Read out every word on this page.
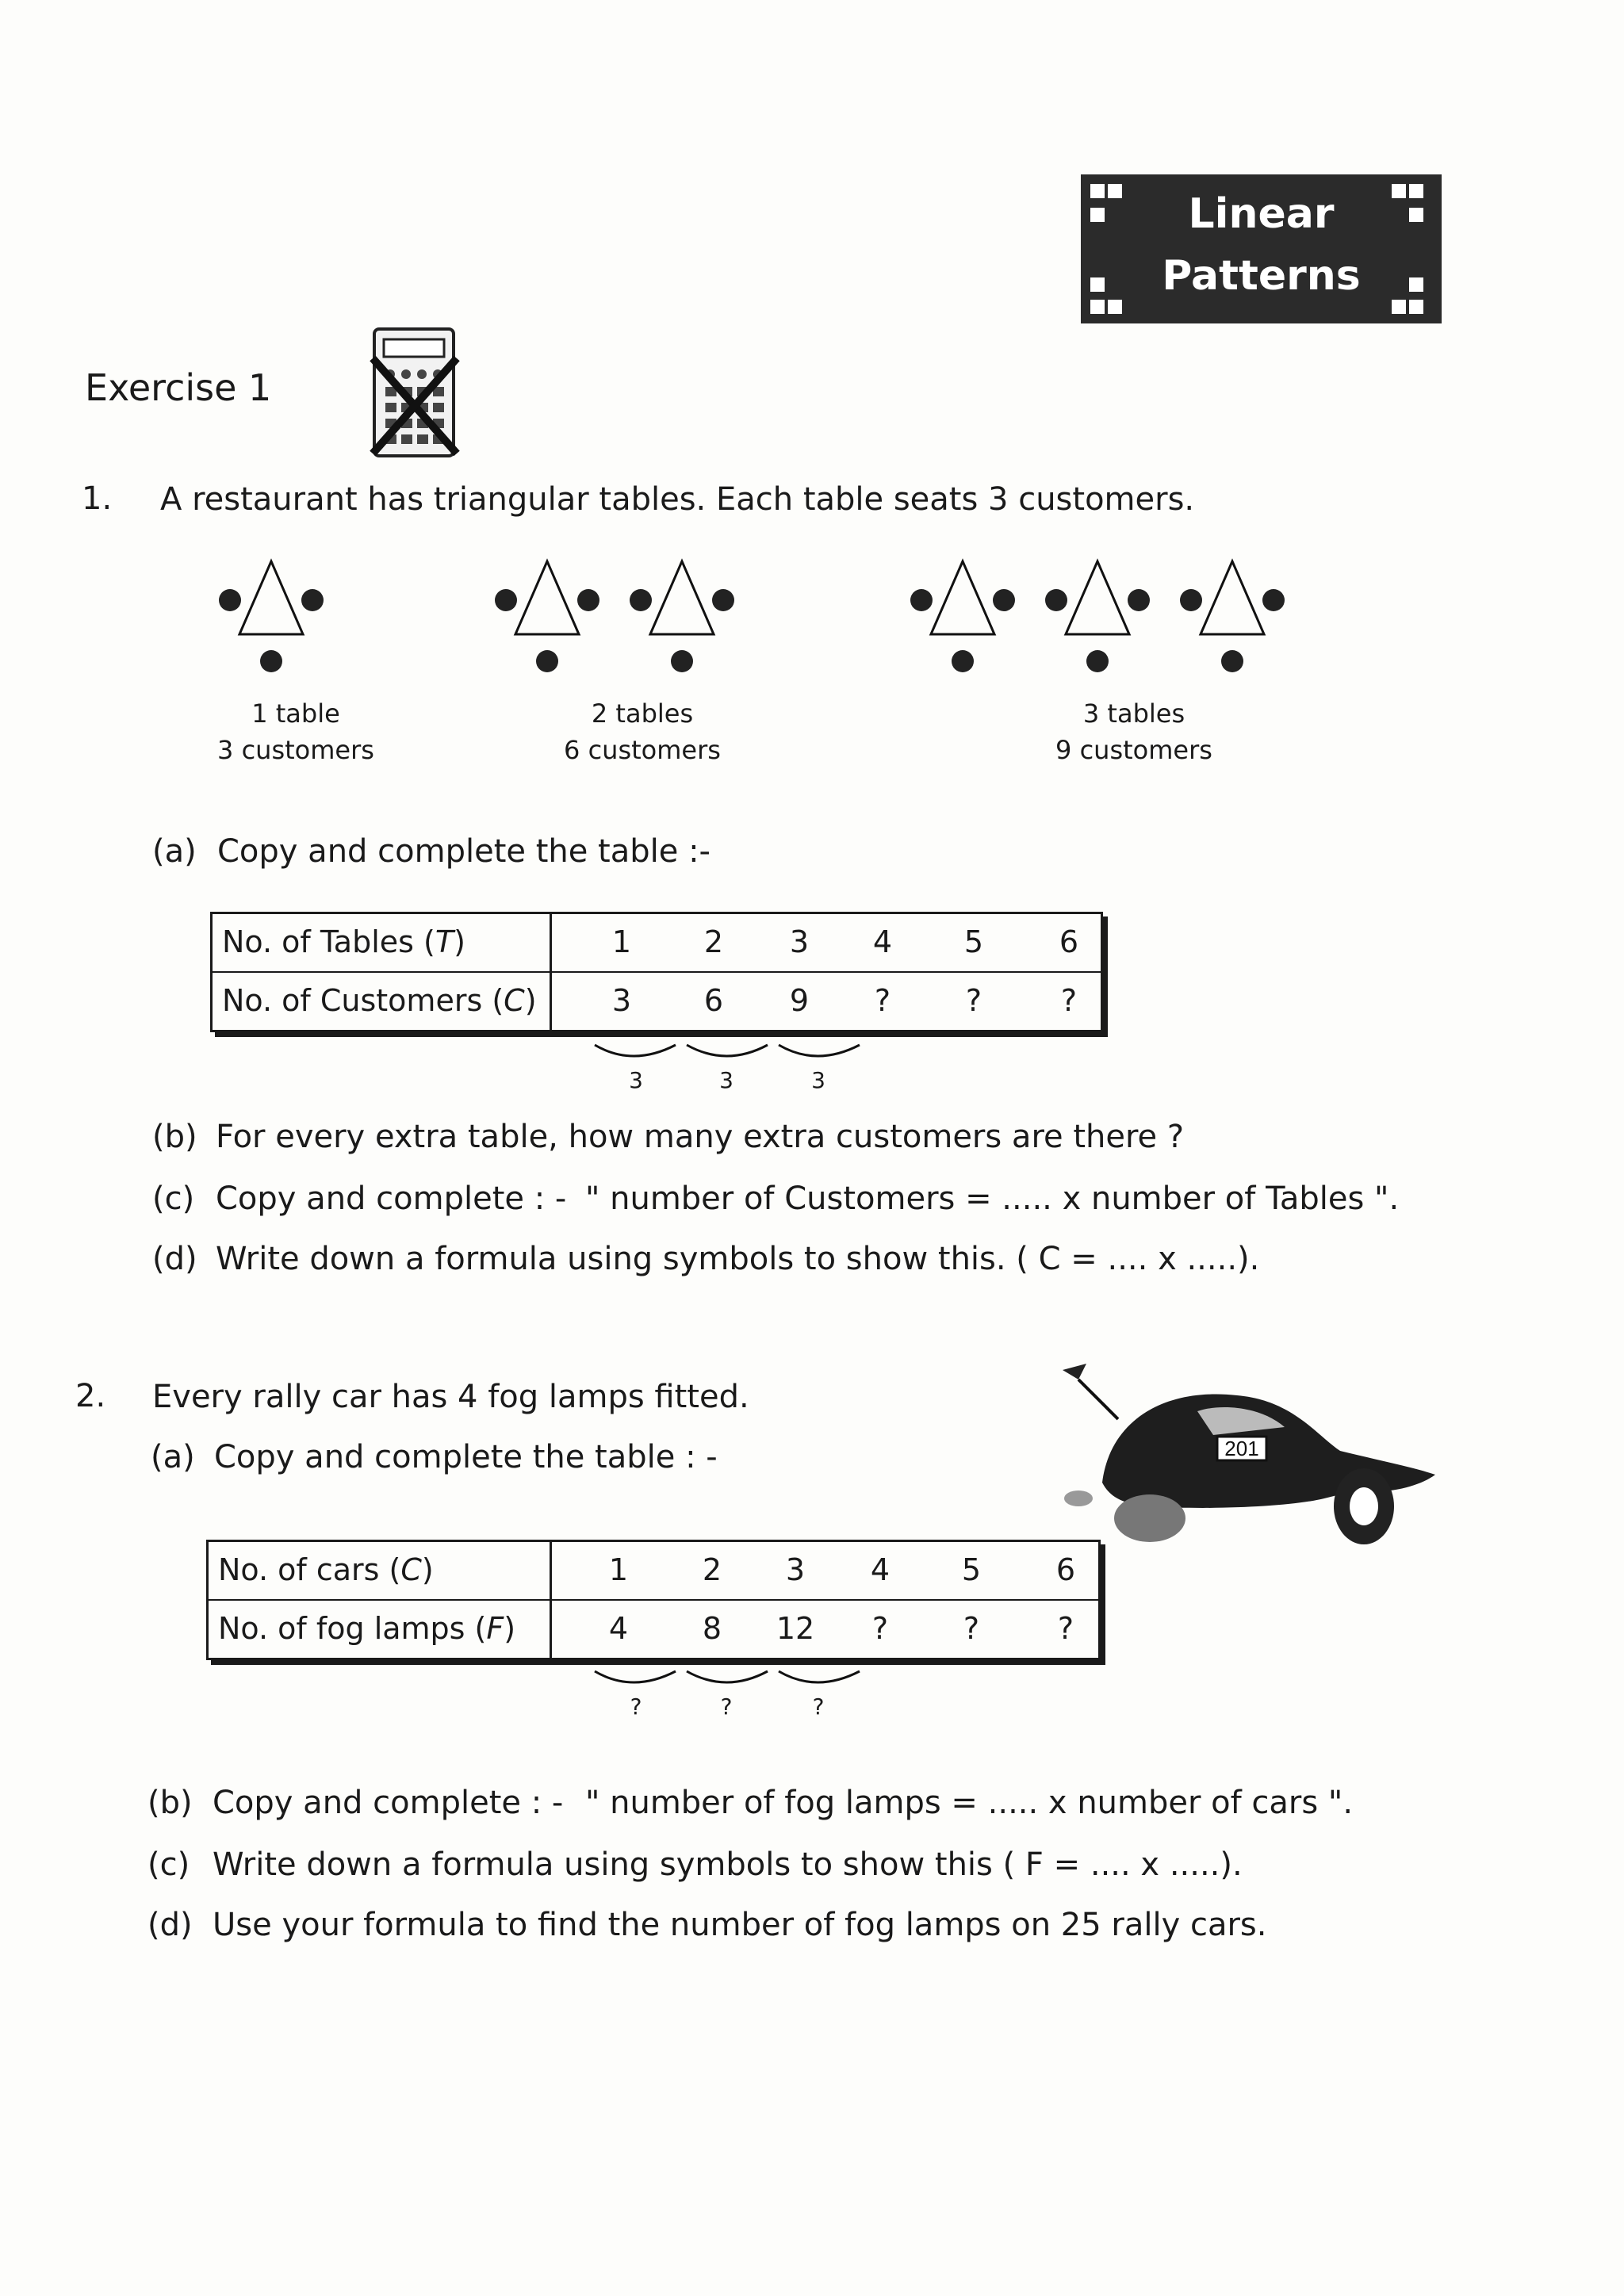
Linear
Patterns
Exercise 1
1. A restaurant has triangular tables. Each table seats 3 customers.
1 table
3 customers
2 tables
6 customers
3 tables
9 customers
(a) Copy and complete the table :-
No. of Tables (T)	1	2	3	4	5	6
No. of Customers (C)	3	6	9	?	?	?
3	3	3
(b) For every extra table, how many extra customers are there ?
(c) Copy and complete : - " number of Customers = ..... x number of Tables ".
(d) Write down a formula using symbols to show this. ( C = .... x .....).
2. Every rally car has 4 fog lamps fitted.
(a) Copy and complete the table : -	201
No. of cars (C)	1	2	3	4	5	6
No. of fog lamps (F)	4	8	12	?	?	?
?	?	?
(b) Copy and complete : - " number of fog lamps = ..... x number of cars ".
(c) Write down a formula using symbols to show this ( F = .... x .....).
(d) Use your formula to find the number of fog lamps on 25 rally cars.
